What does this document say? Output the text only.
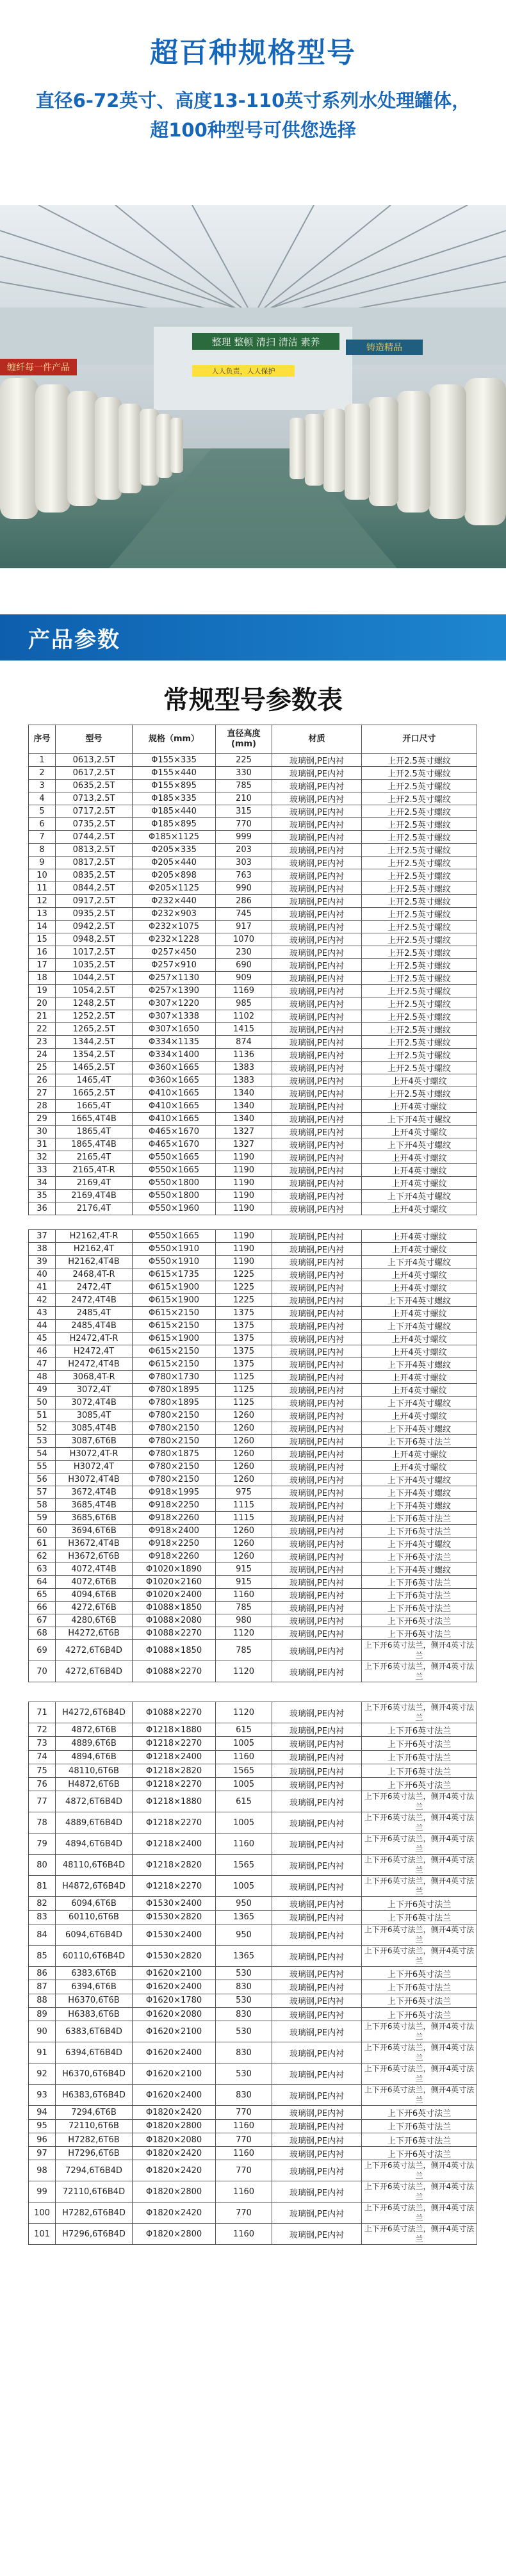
超百种规格型号

直径6-72英寸、高度13-110英寸系列水处理罐体，
超100种型号可供您选择

整理 整顿 清扫 清洁 素养	铸造精品
缠纤每一件产品	人人负责，人人保护
产品参数
常规型号参数表
序号	型号	规格（mm）	直径高度(mm)	材质	开口尺寸
1	0613,2.5T	Φ155×335	225	玻璃钢,PE内衬	上开2.5英寸螺纹
2	0617,2.5T	Φ155×440	330	玻璃钢,PE内衬	上开2.5英寸螺纹
3	0635,2.5T	Φ155×895	785	玻璃钢,PE内衬	上开2.5英寸螺纹
4	0713,2.5T	Φ185×335	210	玻璃钢,PE内衬	上开2.5英寸螺纹
5	0717,2.5T	Φ185×440	315	玻璃钢,PE内衬	上开2.5英寸螺纹
6	0735,2.5T	Φ185×895	770	玻璃钢,PE内衬	上开2.5英寸螺纹
7	0744,2.5T	Φ185×1125	999	玻璃钢,PE内衬	上开2.5英寸螺纹
8	0813,2.5T	Φ205×335	203	玻璃钢,PE内衬	上开2.5英寸螺纹
9	0817,2.5T	Φ205×440	303	玻璃钢,PE内衬	上开2.5英寸螺纹
10	0835,2.5T	Φ205×898	763	玻璃钢,PE内衬	上开2.5英寸螺纹
11	0844,2.5T	Φ205×1125	990	玻璃钢,PE内衬	上开2.5英寸螺纹
12	0917,2.5T	Φ232×440	286	玻璃钢,PE内衬	上开2.5英寸螺纹
13	0935,2.5T	Φ232×903	745	玻璃钢,PE内衬	上开2.5英寸螺纹
14	0942,2.5T	Φ232×1075	917	玻璃钢,PE内衬	上开2.5英寸螺纹
15	0948,2.5T	Φ232×1228	1070	玻璃钢,PE内衬	上开2.5英寸螺纹
16	1017,2.5T	Φ257×450	230	玻璃钢,PE内衬	上开2.5英寸螺纹
17	1035,2.5T	Φ257×910	690	玻璃钢,PE内衬	上开2.5英寸螺纹
18	1044,2.5T	Φ257×1130	909	玻璃钢,PE内衬	上开2.5英寸螺纹
19	1054,2.5T	Φ257×1390	1169	玻璃钢,PE内衬	上开2.5英寸螺纹
20	1248,2.5T	Φ307×1220	985	玻璃钢,PE内衬	上开2.5英寸螺纹
21	1252,2.5T	Φ307×1338	1102	玻璃钢,PE内衬	上开2.5英寸螺纹
22	1265,2.5T	Φ307×1650	1415	玻璃钢,PE内衬	上开2.5英寸螺纹
23	1344,2.5T	Φ334×1135	874	玻璃钢,PE内衬	上开2.5英寸螺纹
24	1354,2.5T	Φ334×1400	1136	玻璃钢,PE内衬	上开2.5英寸螺纹
25	1465,2.5T	Φ360×1665	1383	玻璃钢,PE内衬	上开2.5英寸螺纹
26	1465,4T	Φ360×1665	1383	玻璃钢,PE内衬	上开4英寸螺纹
27	1665,2.5T	Φ410×1665	1340	玻璃钢,PE内衬	上开2.5英寸螺纹
28	1665,4T	Φ410×1665	1340	玻璃钢,PE内衬	上开4英寸螺纹
29	1665,4T4B	Φ410×1665	1340	玻璃钢,PE内衬	上下开4英寸螺纹
30	1865,4T	Φ465×1670	1327	玻璃钢,PE内衬	上开4英寸螺纹
31	1865,4T4B	Φ465×1670	1327	玻璃钢,PE内衬	上下开4英寸螺纹
32	2165,4T	Φ550×1665	1190	玻璃钢,PE内衬	上开4英寸螺纹
33	2165,4T-R	Φ550×1665	1190	玻璃钢,PE内衬	上开4英寸螺纹
34	2169,4T	Φ550×1800	1190	玻璃钢,PE内衬	上开4英寸螺纹
35	2169,4T4B	Φ550×1800	1190	玻璃钢,PE内衬	上下开4英寸螺纹
36	2176,4T	Φ550×1960	1190	玻璃钢,PE内衬	上开4英寸螺纹

37	H2162,4T-R	Φ550×1665	1190	玻璃钢,PE内衬	上开4英寸螺纹
38	H2162,4T	Φ550×1910	1190	玻璃钢,PE内衬	上开4英寸螺纹
39	H2162,4T4B	Φ550×1910	1190	玻璃钢,PE内衬	上下开4英寸螺纹
40	2468,4T-R	Φ615×1735	1225	玻璃钢,PE内衬	上开4英寸螺纹
41	2472,4T	Φ615×1900	1225	玻璃钢,PE内衬	上开4英寸螺纹
42	2472,4T4B	Φ615×1900	1225	玻璃钢,PE内衬	上下开4英寸螺纹
43	2485,4T	Φ615×2150	1375	玻璃钢,PE内衬	上开4英寸螺纹
44	2485,4T4B	Φ615×2150	1375	玻璃钢,PE内衬	上下开4英寸螺纹
45	H2472,4T-R	Φ615×1900	1375	玻璃钢,PE内衬	上开4英寸螺纹
46	H2472,4T	Φ615×2150	1375	玻璃钢,PE内衬	上开4英寸螺纹
47	H2472,4T4B	Φ615×2150	1375	玻璃钢,PE内衬	上下开4英寸螺纹
48	3068,4T-R	Φ780×1730	1125	玻璃钢,PE内衬	上开4英寸螺纹
49	3072,4T	Φ780×1895	1125	玻璃钢,PE内衬	上开4英寸螺纹
50	3072,4T4B	Φ780×1895	1125	玻璃钢,PE内衬	上下开4英寸螺纹
51	3085,4T	Φ780×2150	1260	玻璃钢,PE内衬	上开4英寸螺纹
52	3085,4T4B	Φ780×2150	1260	玻璃钢,PE内衬	上下开4英寸螺纹
53	3087,6T6B	Φ780×2150	1260	玻璃钢,PE内衬	上下开6英寸法兰
54	H3072,4T-R	Φ780×1875	1260	玻璃钢,PE内衬	上开4英寸螺纹
55	H3072,4T	Φ780×2150	1260	玻璃钢,PE内衬	上开4英寸螺纹
56	H3072,4T4B	Φ780×2150	1260	玻璃钢,PE内衬	上下开4英寸螺纹
57	3672,4T4B	Φ918×1995	975	玻璃钢,PE内衬	上下开4英寸螺纹
58	3685,4T4B	Φ918×2250	1115	玻璃钢,PE内衬	上下开4英寸螺纹
59	3685,6T6B	Φ918×2260	1115	玻璃钢,PE内衬	上下开6英寸法兰
60	3694,6T6B	Φ918×2400	1260	玻璃钢,PE内衬	上下开6英寸法兰
61	H3672,4T4B	Φ918×2250	1260	玻璃钢,PE内衬	上下开4英寸螺纹
62	H3672,6T6B	Φ918×2260	1260	玻璃钢,PE内衬	上下开6英寸法兰
63	4072,4T4B	Φ1020×1890	915	玻璃钢,PE内衬	上下开4英寸螺纹
64	4072,6T6B	Φ1020×2160	915	玻璃钢,PE内衬	上下开6英寸法兰
65	4094,6T6B	Φ1020×2400	1160	玻璃钢,PE内衬	上下开6英寸法兰
66	4272,6T6B	Φ1088×1850	785	玻璃钢,PE内衬	上下开6英寸法兰
67	4280,6T6B	Φ1088×2080	980	玻璃钢,PE内衬	上下开6英寸法兰
68	H4272,6T6B	Φ1088×2270	1120	玻璃钢,PE内衬	上下开6英寸法兰
69	4272,6T6B4D	Φ1088×1850	785	玻璃钢,PE内衬	上下开6英寸法兰，侧开4英寸法兰
70	4272,6T6B4D	Φ1088×2270	1120	玻璃钢,PE内衬	上下开6英寸法兰，侧开4英寸法兰

71	H4272,6T6B4D	Φ1088×2270	1120	玻璃钢,PE内衬	上下开6英寸法兰，侧开4英寸法兰
72	4872,6T6B	Φ1218×1880	615	玻璃钢,PE内衬	上下开6英寸法兰
73	4889,6T6B	Φ1218×2270	1005	玻璃钢,PE内衬	上下开6英寸法兰
74	4894,6T6B	Φ1218×2400	1160	玻璃钢,PE内衬	上下开6英寸法兰
75	48110,6T6B	Φ1218×2820	1565	玻璃钢,PE内衬	上下开6英寸法兰
76	H4872,6T6B	Φ1218×2270	1005	玻璃钢,PE内衬	上下开6英寸法兰
77	4872,6T6B4D	Φ1218×1880	615	玻璃钢,PE内衬	上下开6英寸法兰，侧开4英寸法兰
78	4889,6T6B4D	Φ1218×2270	1005	玻璃钢,PE内衬	上下开6英寸法兰，侧开4英寸法兰
79	4894,6T6B4D	Φ1218×2400	1160	玻璃钢,PE内衬	上下开6英寸法兰，侧开4英寸法兰
80	48110,6T6B4D	Φ1218×2820	1565	玻璃钢,PE内衬	上下开6英寸法兰，侧开4英寸法兰
81	H4872,6T6B4D	Φ1218×2270	1005	玻璃钢,PE内衬	上下开6英寸法兰，侧开4英寸法兰
82	6094,6T6B	Φ1530×2400	950	玻璃钢,PE内衬	上下开6英寸法兰
83	60110,6T6B	Φ1530×2820	1365	玻璃钢,PE内衬	上下开6英寸法兰
84	6094,6T6B4D	Φ1530×2400	950	玻璃钢,PE内衬	上下开6英寸法兰，侧开4英寸法兰
85	60110,6T6B4D	Φ1530×2820	1365	玻璃钢,PE内衬	上下开6英寸法兰，侧开4英寸法兰
86	6383,6T6B	Φ1620×2100	530	玻璃钢,PE内衬	上下开6英寸法兰
87	6394,6T6B	Φ1620×2400	830	玻璃钢,PE内衬	上下开6英寸法兰
88	H6370,6T6B	Φ1620×1780	530	玻璃钢,PE内衬	上下开6英寸法兰
89	H6383,6T6B	Φ1620×2080	830	玻璃钢,PE内衬	上下开6英寸法兰
90	6383,6T6B4D	Φ1620×2100	530	玻璃钢,PE内衬	上下开6英寸法兰，侧开4英寸法兰
91	6394,6T6B4D	Φ1620×2400	830	玻璃钢,PE内衬	上下开6英寸法兰，侧开4英寸法兰
92	H6370,6T6B4D	Φ1620×2100	530	玻璃钢,PE内衬	上下开6英寸法兰，侧开4英寸法兰
93	H6383,6T6B4D	Φ1620×2400	830	玻璃钢,PE内衬	上下开6英寸法兰，侧开4英寸法兰
94	7294,6T6B	Φ1820×2420	770	玻璃钢,PE内衬	上下开6英寸法兰
95	72110,6T6B	Φ1820×2800	1160	玻璃钢,PE内衬	上下开6英寸法兰
96	H7282,6T6B	Φ1820×2080	770	玻璃钢,PE内衬	上下开6英寸法兰
97	H7296,6T6B	Φ1820×2420	1160	玻璃钢,PE内衬	上下开6英寸法兰
98	7294,6T6B4D	Φ1820×2420	770	玻璃钢,PE内衬	上下开6英寸法兰，侧开4英寸法兰
99	72110,6T6B4D	Φ1820×2800	1160	玻璃钢,PE内衬	上下开6英寸法兰，侧开4英寸法兰
100	H7282,6T6B4D	Φ1820×2420	770	玻璃钢,PE内衬	上下开6英寸法兰，侧开4英寸法兰
101	H7296,6T6B4D	Φ1820×2800	1160	玻璃钢,PE内衬	上下开6英寸法兰，侧开4英寸法兰
